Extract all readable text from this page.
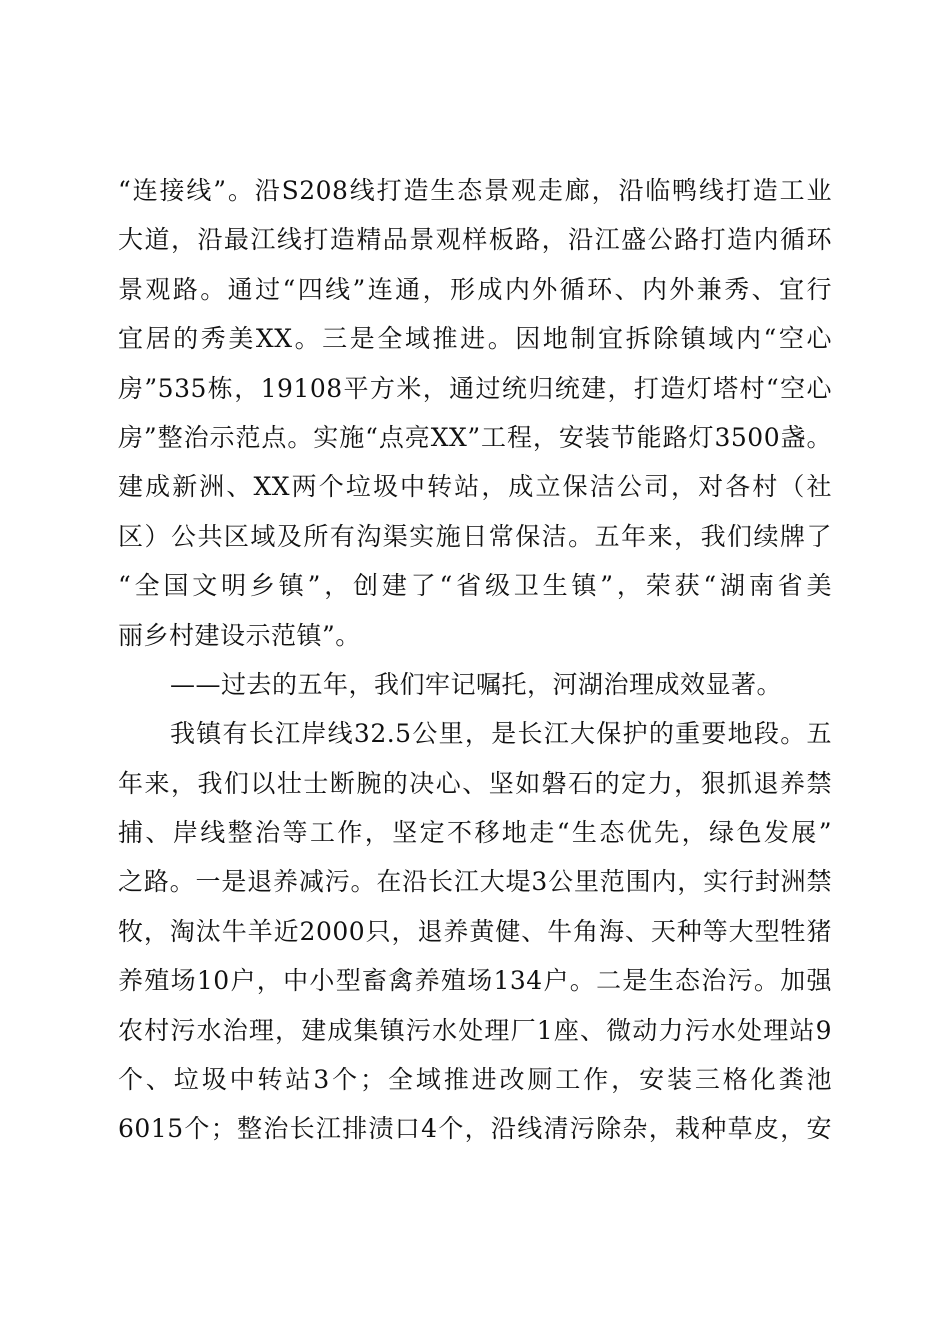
“连接线”。沿S208线打造生态景观走廊，沿临鸭线打造工业
大道，沿最江线打造精品景观样板路，沿江盛公路打造内循环
景观路。通过“四线”连通，形成内外循环、内外兼秀、宜行
宜居的秀美XX。三是全域推进。因地制宜拆除镇域内“空心
房”535栋，19108平方米，通过统归统建，打造灯塔村“空心
房”整治示范点。实施“点亮XX”工程，安装节能路灯3500盏。
建成新洲、XX两个垃圾中转站，成立保洁公司，对各村（社
区）公共区域及所有沟渠实施日常保洁。五年来，我们续牌了
“全国文明乡镇”，创建了“省级卫生镇”，荣获“湖南省美
丽乡村建设示范镇”。
——过去的五年，我们牢记嘱托，河湖治理成效显著。
我镇有长江岸线32.5公里，是长江大保护的重要地段。五
年来，我们以壮士断腕的决心、坚如磐石的定力，狠抓退养禁
捕、岸线整治等工作，坚定不移地走“生态优先，绿色发展”
之路。一是退养减污。在沿长江大堤3公里范围内，实行封洲禁
牧，淘汰牛羊近2000只，退养黄健、牛角海、天种等大型牲猪
养殖场10户，中小型畜禽养殖场134户。二是生态治污。加强
农村污水治理，建成集镇污水处理厂1座、微动力污水处理站9
个、垃圾中转站3个；全域推进改厕工作，安装三格化粪池
6015个；整治长江排渍口4个，沿线清污除杂，栽种草皮，安
